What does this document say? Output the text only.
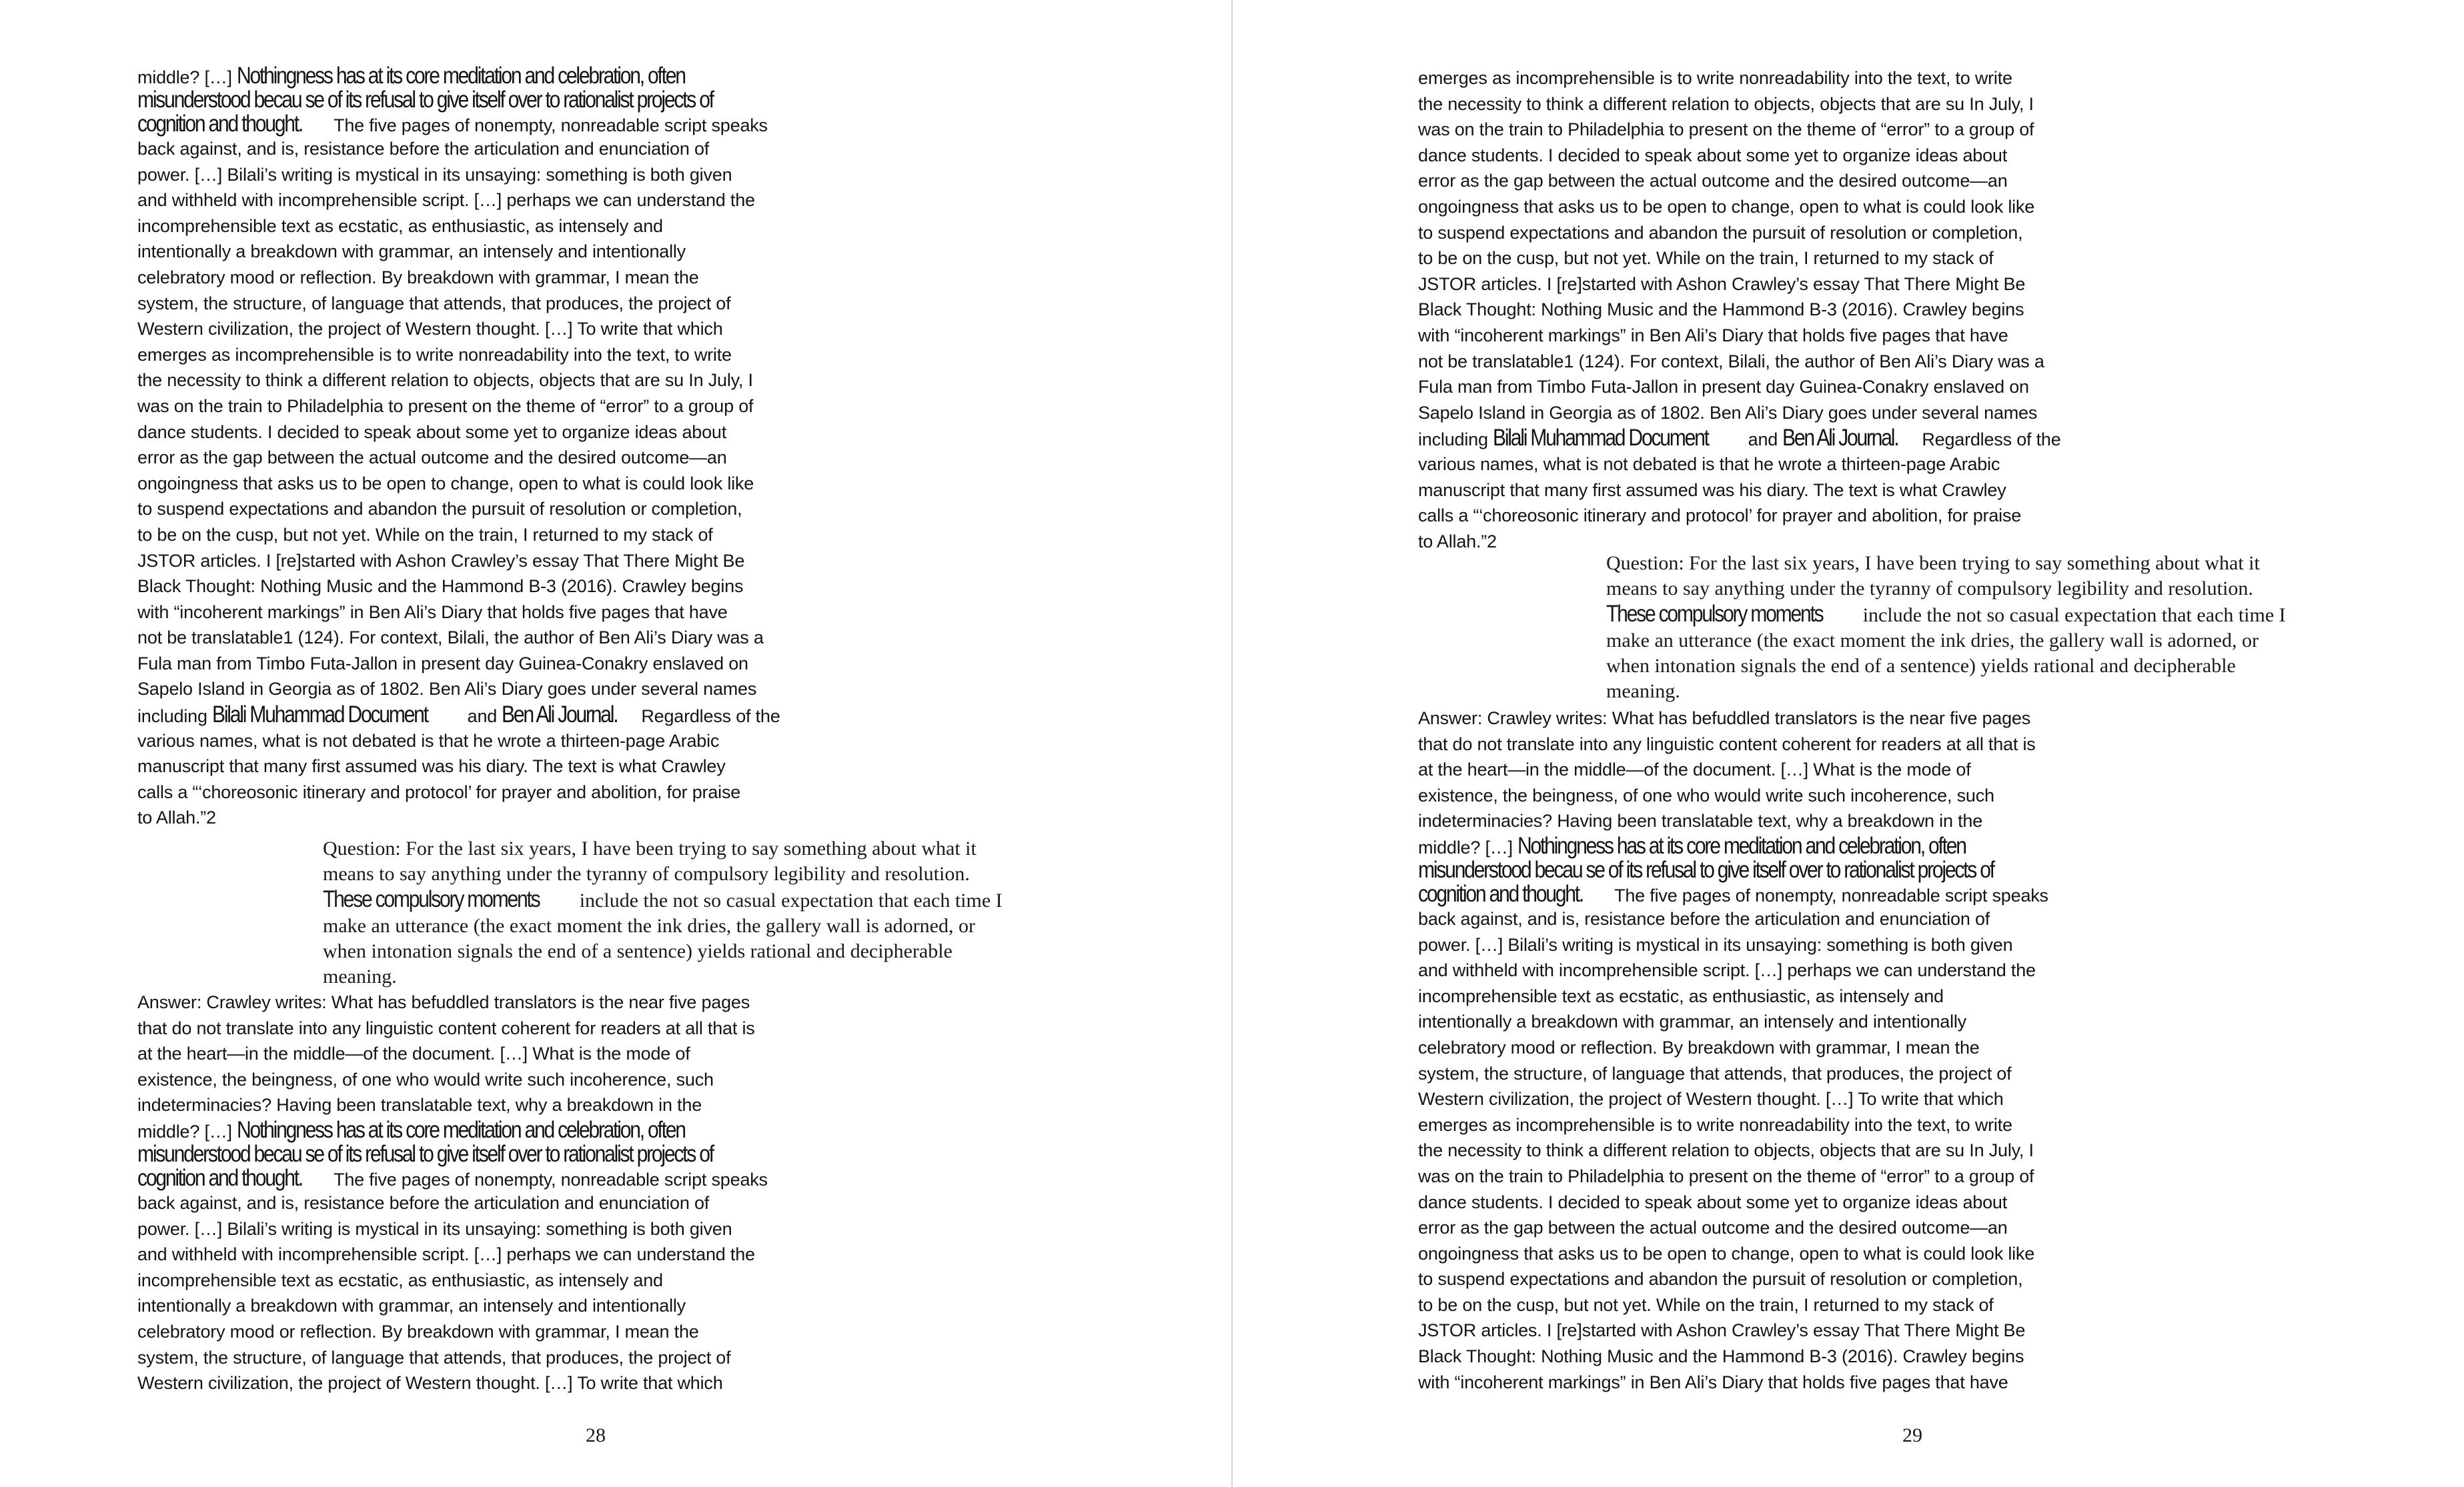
middle? […] Nothingness has at its core meditation and celebration, often
misunderstood becau se of its refusal to give itself over to rationalist projects of
cognition and thought. The five pages of nonempty, nonreadable script speaks
back against, and is, resistance before the articulation and enunciation of
power. […] Bilali’s writing is mystical in its unsaying: something is both given
and withheld with incomprehensible script. […] perhaps we can understand the
incomprehensible text as ecstatic, as enthusiastic, as intensely and
intentionally a breakdown with grammar, an intensely and intentionally
celebratory mood or reflection. By breakdown with grammar, I mean the
system, the structure, of language that attends, that produces, the project of
Western civilization, the project of Western thought. […] To write that which
emerges as incomprehensible is to write nonreadability into the text, to write
the necessity to think a different relation to objects, objects that are su In July, I
was on the train to Philadelphia to present on the theme of “error” to a group of
dance students. I decided to speak about some yet to organize ideas about
error as the gap between the actual outcome and the desired outcome—an
ongoingness that asks us to be open to change, open to what is could look like
to suspend expectations and abandon the pursuit of resolution or completion,
to be on the cusp, but not yet. While on the train, I returned to my stack of
JSTOR articles. I [re]started with Ashon Crawley’s essay That There Might Be
Black Thought: Nothing Music and the Hammond B-3 (2016). Crawley begins
with “incoherent markings” in Ben Ali’s Diary that holds five pages that have
not be translatable1 (124). For context, Bilali, the author of Ben Ali’s Diary was a
Fula man from Timbo Futa-Jallon in present day Guinea-Conakry enslaved on
Sapelo Island in Georgia as of 1802. Ben Ali’s Diary goes under several names
including Bilali Muhammad Document and Ben Ali Journal. Regardless of the
various names, what is not debated is that he wrote a thirteen-page Arabic
manuscript that many first assumed was his diary. The text is what Crawley
calls a “‘choreosonic itinerary and protocol’ for prayer and abolition, for praise
to Allah.”2
Question: For the last six years, I have been trying to say something about what it
means to say anything under the tyranny of compulsory legibility and resolution.
These compulsory moments include the not so casual expectation that each time I
make an utterance (the exact moment the ink dries, the gallery wall is adorned, or
when intonation signals the end of a sentence) yields rational and decipherable
meaning.
Answer: Crawley writes: What has befuddled translators is the near five pages
that do not translate into any linguistic content coherent for readers at all that is
at the heart—in the middle—of the document. […] What is the mode of
existence, the beingness, of one who would write such incoherence, such
indeterminacies? Having been translatable text, why a breakdown in the
middle? […] Nothingness has at its core meditation and celebration, often
misunderstood becau se of its refusal to give itself over to rationalist projects of
cognition and thought. The five pages of nonempty, nonreadable script speaks
back against, and is, resistance before the articulation and enunciation of
power. […] Bilali’s writing is mystical in its unsaying: something is both given
and withheld with incomprehensible script. […] perhaps we can understand the
incomprehensible text as ecstatic, as enthusiastic, as intensely and
intentionally a breakdown with grammar, an intensely and intentionally
celebratory mood or reflection. By breakdown with grammar, I mean the
system, the structure, of language that attends, that produces, the project of
Western civilization, the project of Western thought. […] To write that which
28
emerges as incomprehensible is to write nonreadability into the text, to write
the necessity to think a different relation to objects, objects that are su In July, I
was on the train to Philadelphia to present on the theme of “error” to a group of
dance students. I decided to speak about some yet to organize ideas about
error as the gap between the actual outcome and the desired outcome—an
ongoingness that asks us to be open to change, open to what is could look like
to suspend expectations and abandon the pursuit of resolution or completion,
to be on the cusp, but not yet. While on the train, I returned to my stack of
JSTOR articles. I [re]started with Ashon Crawley’s essay That There Might Be
Black Thought: Nothing Music and the Hammond B-3 (2016). Crawley begins
with “incoherent markings” in Ben Ali’s Diary that holds five pages that have
not be translatable1 (124). For context, Bilali, the author of Ben Ali’s Diary was a
Fula man from Timbo Futa-Jallon in present day Guinea-Conakry enslaved on
Sapelo Island in Georgia as of 1802. Ben Ali’s Diary goes under several names
including Bilali Muhammad Document and Ben Ali Journal. Regardless of the
various names, what is not debated is that he wrote a thirteen-page Arabic
manuscript that many first assumed was his diary. The text is what Crawley
calls a “‘choreosonic itinerary and protocol’ for prayer and abolition, for praise
to Allah.”2
Question: For the last six years, I have been trying to say something about what it
means to say anything under the tyranny of compulsory legibility and resolution.
These compulsory moments include the not so casual expectation that each time I
make an utterance (the exact moment the ink dries, the gallery wall is adorned, or
when intonation signals the end of a sentence) yields rational and decipherable
meaning.
Answer: Crawley writes: What has befuddled translators is the near five pages
that do not translate into any linguistic content coherent for readers at all that is
at the heart—in the middle—of the document. […] What is the mode of
existence, the beingness, of one who would write such incoherence, such
indeterminacies? Having been translatable text, why a breakdown in the
middle? […] Nothingness has at its core meditation and celebration, often
misunderstood becau se of its refusal to give itself over to rationalist projects of
cognition and thought. The five pages of nonempty, nonreadable script speaks
back against, and is, resistance before the articulation and enunciation of
power. […] Bilali’s writing is mystical in its unsaying: something is both given
and withheld with incomprehensible script. […] perhaps we can understand the
incomprehensible text as ecstatic, as enthusiastic, as intensely and
intentionally a breakdown with grammar, an intensely and intentionally
celebratory mood or reflection. By breakdown with grammar, I mean the
system, the structure, of language that attends, that produces, the project of
Western civilization, the project of Western thought. […] To write that which
emerges as incomprehensible is to write nonreadability into the text, to write
the necessity to think a different relation to objects, objects that are su In July, I
was on the train to Philadelphia to present on the theme of “error” to a group of
dance students. I decided to speak about some yet to organize ideas about
error as the gap between the actual outcome and the desired outcome—an
ongoingness that asks us to be open to change, open to what is could look like
to suspend expectations and abandon the pursuit of resolution or completion,
to be on the cusp, but not yet. While on the train, I returned to my stack of
JSTOR articles. I [re]started with Ashon Crawley’s essay That There Might Be
Black Thought: Nothing Music and the Hammond B-3 (2016). Crawley begins
with “incoherent markings” in Ben Ali’s Diary that holds five pages that have
29
